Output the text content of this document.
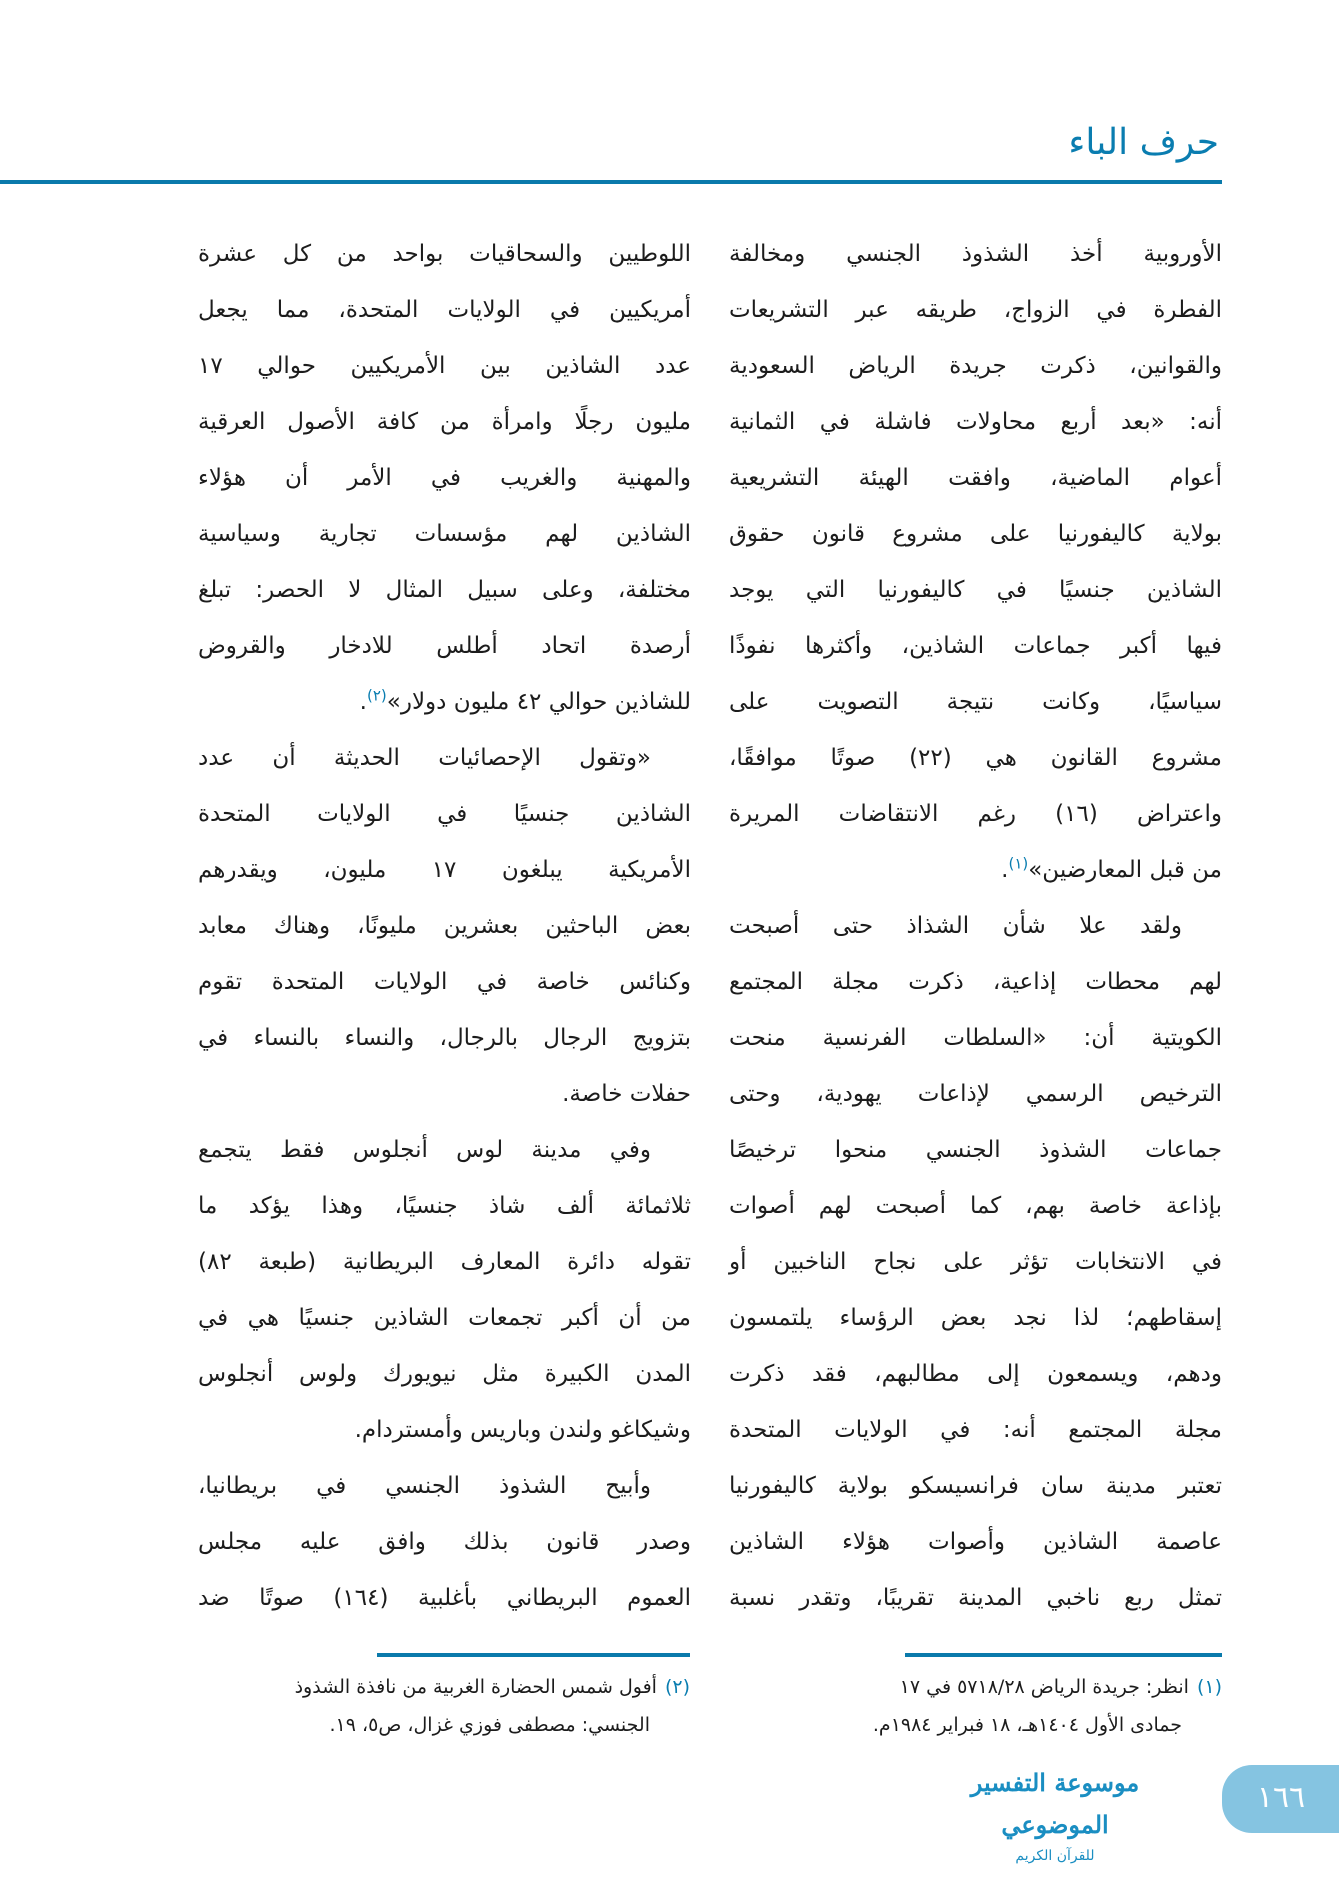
حرف الباء
الأوروبية أخذ الشذوذ الجنسي ومخالفة
الفطرة في الزواج، طريقه عبر التشريعات
والقوانين، ذكرت جريدة الرياض السعودية
أنه: «بعد أربع محاولات فاشلة في الثمانية
أعوام الماضية، وافقت الهيئة التشريعية
بولاية كاليفورنيا على مشروع قانون حقوق
الشاذين جنسيًا في كاليفورنيا التي يوجد
فيها أكبر جماعات الشاذين، وأكثرها نفوذًا
سياسيًا، وكانت نتيجة التصويت على
مشروع القانون هي (٢٢) صوتًا موافقًا،
واعتراض (١٦) رغم الانتقاضات المريرة
من قبل المعارضين»$^{(١)}$.
ولقد علا شأن الشذاذ حتى أصبحت
لهم محطات إذاعية، ذكرت مجلة المجتمع
الكويتية أن: «السلطات الفرنسية منحت
الترخيص الرسمي لإذاعات يهودية، وحتى
جماعات الشذوذ الجنسي منحوا ترخيصًا
بإذاعة خاصة بهم، كما أصبحت لهم أصوات
في الانتخابات تؤثر على نجاح الناخبين أو
إسقاطهم؛ لذا نجد بعض الرؤساء يلتمسون
ودهم، ويسمعون إلى مطالبهم، فقد ذكرت
مجلة المجتمع أنه: في الولايات المتحدة
تعتبر مدينة سان فرانسيسكو بولاية كاليفورنيا
عاصمة الشاذين وأصوات هؤلاء الشاذين
تمثل ربع ناخبي المدينة تقريبًا، وتقدر نسبة
اللوطيين والسحاقيات بواحد من كل عشرة
أمريكيين في الولايات المتحدة، مما يجعل
عدد الشاذين بين الأمريكيين حوالي ١٧
مليون رجلًا وامرأة من كافة الأصول العرقية
والمهنية والغريب في الأمر أن هؤلاء
الشاذين لهم مؤسسات تجارية وسياسية
مختلفة، وعلى سبيل المثال لا الحصر: تبلغ
أرصدة اتحاد أطلس للادخار والقروض
للشاذين حوالي ٤٢ مليون دولار»$^{(٢)}$.
«وتقول الإحصائيات الحديثة أن عدد
الشاذين جنسيًا في الولايات المتحدة
الأمريكية يبلغون ١٧ مليون، ويقدرهم
بعض الباحثين بعشرين مليونًا، وهناك معابد
وكنائس خاصة في الولايات المتحدة تقوم
بتزويج الرجال بالرجال، والنساء بالنساء في
حفلات خاصة.
وفي مدينة لوس أنجلوس فقط يتجمع
ثلاثمائة ألف شاذ جنسيًا، وهذا يؤكد ما
تقوله دائرة المعارف البريطانية (طبعة ٨٢)
من أن أكبر تجمعات الشاذين جنسيًا هي في
المدن الكبيرة مثل نيويورك ولوس أنجلوس
وشيكاغو ولندن وباريس وأمستردام.
وأبيح الشذوذ الجنسي في بريطانيا،
وصدر قانون بذلك وافق عليه مجلس
العموم البريطاني بأغلبية (١٦٤) صوتًا ضد
(١)انظر: جريدة الرياض ٥٧١٨/٢٨ في ١٧
جمادى الأول ١٤٠٤هـ، ١٨ فبراير ١٩٨٤م.
(٢)أفول شمس الحضارة الغربية من نافذة الشذوذ
الجنسي: مصطفى فوزي غزال، ص٥، ١٩.
موسوعة التفسير الموضوعي
للقرآن الكريم
١٦٦
